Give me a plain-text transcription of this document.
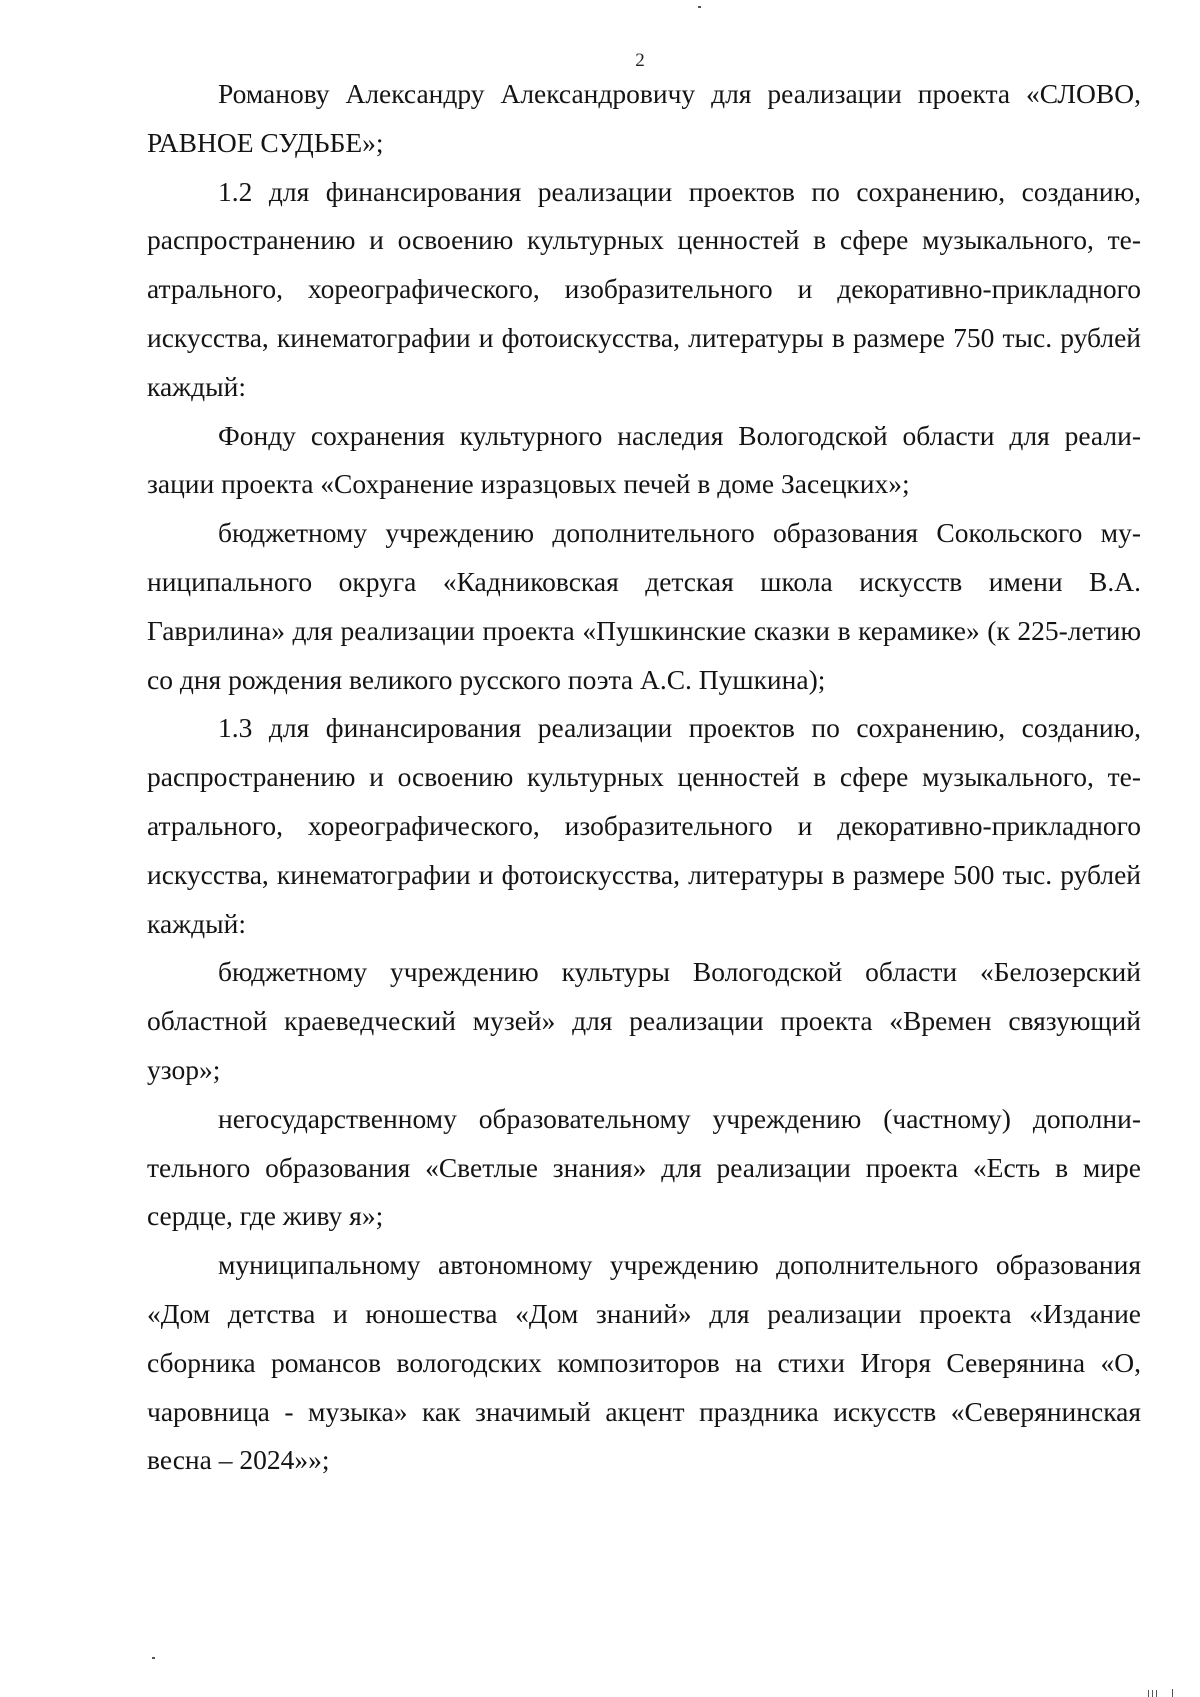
2

Романову Александру Александровичу для реализации проекта «СЛОВО, РАВНОЕ СУДЬБЕ»;

1.2 для финансирования реализации проектов по сохранению, созданию, распространению и освоению культурных ценностей в сфере музыкального, театрального, хореографического, изобразительного и декоративно-прикладного искусства, кинематографии и фотоискусства, литературы в размере 750 тыс. рублей каждый:

Фонду сохранения культурного наследия Вологодской области для реализации проекта «Сохранение изразцовых печей в доме Засецких»;

бюджетному учреждению дополнительного образования Сокольского муниципального округа «Кадниковская детская школа искусств имени В.А. Гаврилина» для реализации проекта «Пушкинские сказки в керамике» (к 225-летию со дня рождения великого русского поэта А.С. Пушкина);

1.3 для финансирования реализации проектов по сохранению, созданию, распространению и освоению культурных ценностей в сфере музыкального, театрального, хореографического, изобразительного и декоративно-прикладного искусства, кинематографии и фотоискусства, литературы в размере 500 тыс. рублей каждый:

бюджетному учреждению культуры Вологодской области «Белозерский областной краеведческий музей» для реализации проекта «Времен связующий узор»;

негосударственному образовательному учреждению (частному) дополнительного образования «Светлые знания» для реализации проекта «Есть в мире сердце, где живу я»;

муниципальному автономному учреждению дополнительного образования «Дом детства и юношества «Дом знаний» для реализации проекта «Издание сборника романсов вологодских композиторов на стихи Игоря Северянина «О, чаровница - музыка» как значимый акцент праздника искусств «Северянинская весна – 2024»»;
